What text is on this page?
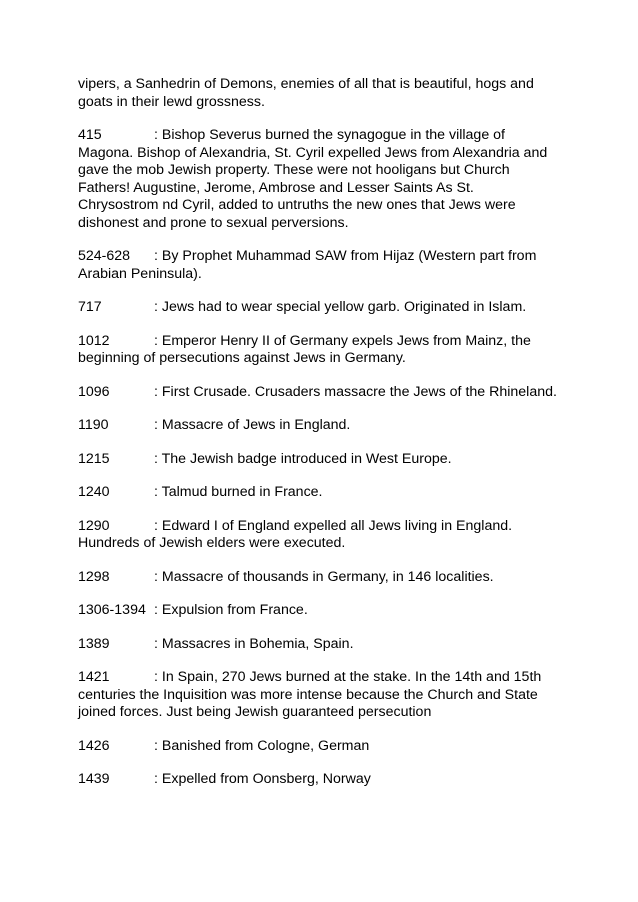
vipers, a Sanhedrin of Demons, enemies of all that is beautiful, hogs and goats in their lewd grossness.

415	: Bishop Severus burned the synagogue in the village of Magona. Bishop of Alexandria, St. Cyril expelled Jews from Alexandria and gave the mob Jewish property. These were not hooligans but Church Fathers! Augustine, Jerome, Ambrose and Lesser Saints As St. Chrysostrom nd Cyril, added to untruths the new ones that Jews were dishonest and prone to sexual perversions.

524-628 : By Prophet Muhammad SAW from Hijaz (Western part from Arabian Peninsula).

717	: Jews had to wear special yellow garb. Originated in Islam.

1012	: Emperor Henry II of Germany expels Jews from Mainz, the beginning of persecutions against Jews in Germany.

1096	: First Crusade. Crusaders massacre the Jews of the Rhineland.

1190	: Massacre of Jews in England.

1215	: The Jewish badge introduced in West Europe.

1240	: Talmud burned in France.

1290	: Edward I of England expelled all Jews living in England. Hundreds of Jewish elders were executed.

1298	: Massacre of thousands in Germany, in 146 localities.

1306-1394 : Expulsion from France.

1389	: Massacres in Bohemia, Spain.

1421	: In Spain, 270 Jews burned at the stake. In the 14th and 15th centuries the Inquisition was more intense because the Church and State joined forces. Just being Jewish guaranteed persecution

1426	: Banished from Cologne, German

1439	: Expelled from Oonsberg, Norway
